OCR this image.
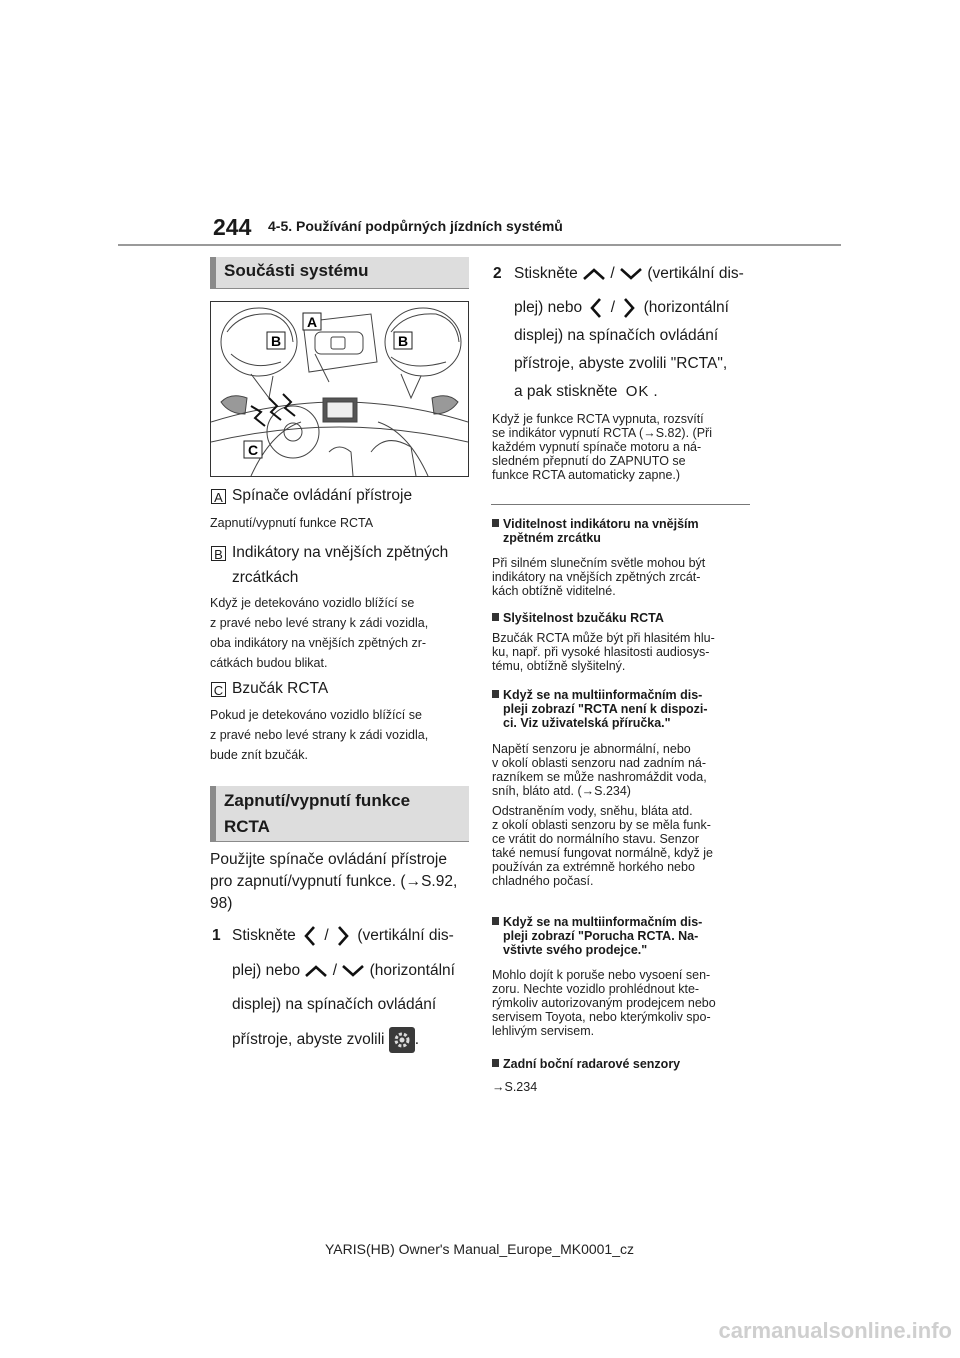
244 4-5. Používání podpůrných jízdních systémů
Součásti systému
A
B	B
C
A Spínače ovládání přístroje
Zapnutí/vypnutí funkce RCTA
B Indikátory na vnějších zpětných
zrcátkách
Když je detekováno vozidlo blížící se
z pravé nebo levé strany k zádi vozidla,
oba indikátory na vnějších zpětných zr-
cátkách budou blikat.
C Bzučák RCTA
Pokud je detekováno vozidlo blížící se
z pravé nebo levé strany k zádi vozidla,
bude znít bzučák.
Zapnutí/vypnutí funkce
RCTA
Použijte spínače ovládání přístroje
pro zapnutí/vypnutí funkce. (→S.92,
98)
1 Stiskněte / (vertikální dis-
plej) nebo / (horizontální
displej) na spínačích ovládání
přístroje, abyste zvolili .
2 Stiskněte / (vertikální dis-
plej) nebo / (horizontální
displej) na spínačích ovládání
přístroje, abyste zvolili "RCTA",
a pak stiskněte OK .
Když je funkce RCTA vypnuta, rozsvítí
se indikátor vypnutí RCTA (→S.82). (Při
každém vypnutí spínače motoru a ná-
sledném přepnutí do ZAPNUTO se
funkce RCTA automaticky zapne.)
Viditelnost indikátoru na vnějším
zpětném zrcátku
Při silném slunečním světle mohou být
indikátory na vnějších zpětných zrcát-
kách obtížně viditelné.
Slyšitelnost bzučáku RCTA
Bzučák RCTA může být při hlasitém hlu-
ku, např. při vysoké hlasitosti audiosys-
tému, obtížně slyšitelný.
Když se na multiinformačním dis-
pleji zobrazí "RCTA není k dispozi-
ci. Viz uživatelská příručka."
Napětí senzoru je abnormální, nebo
v okolí oblasti senzoru nad zadním ná-
razníkem se může nashromáždit voda,
sníh, bláto atd. (→S.234)
Odstraněním vody, sněhu, bláta atd.
z okolí oblasti senzoru by se měla funk-
ce vrátit do normálního stavu. Senzor
také nemusí fungovat normálně, když je
používán za extrémně horkého nebo
chladného počasí.
Když se na multiinformačním dis-
pleji zobrazí "Porucha RCTA. Na-
vštivte svého prodejce."
Mohlo dojít k poruše nebo vysoení sen-
zoru. Nechte vozidlo prohlédnout kte-
rýmkoliv autorizovaným prodejcem nebo
servisem Toyota, nebo kterýmkoliv spo-
lehlivým servisem.
Zadní boční radarové senzory
→S.234
YARIS(HB) Owner's Manual_Europe_MK0001_cz
carmanualsonline.info
